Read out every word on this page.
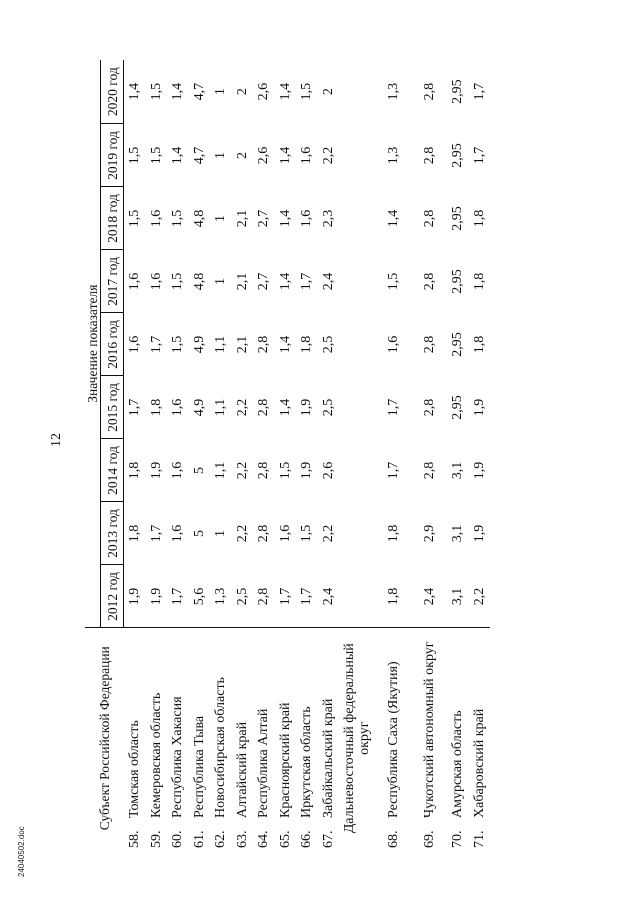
12
24040502.doc
Субъект Российской Федерации		Значение показателя								
		2012 год	2013 год	2014 год	2015 год	2016 год	2017 год	2018 год	2019 год	2020 год
58.	Томская область	1,9	1,8	1,8	1,7	1,6	1,6	1,5	1,5	1,4
59.	Кемеровская область	1,9	1,7	1,9	1,8	1,7	1,6	1,6	1,5	1,5
60.	Республика Хакасия	1,7	1,6	1,6	1,6	1,5	1,5	1,5	1,4	1,4
61.	Республика Тыва	5,6	5	5	4,9	4,9	4,8	4,8	4,7	4,7
62.	Новосибирская область	1,3	1	1,1	1,1	1,1	1	1	1	1
63.	Алтайский край	2,5	2,2	2,2	2,2	2,1	2,1	2,1	2	2
64.	Республика Алтай	2,8	2,8	2,8	2,8	2,8	2,7	2,7	2,6	2,6
65.	Красноярский край	1,7	1,6	1,5	1,4	1,4	1,4	1,4	1,4	1,4
66.	Иркутская область	1,7	1,5	1,9	1,9	1,8	1,7	1,6	1,6	1,5
67.	Забайкальский край	2,4	2,2	2,6	2,5	2,5	2,4	2,3	2,2	2

Дальневосточный федеральный округ										

68.	Республика Саха (Якутия)	1,8	1,8	1,7	1,7	1,6	1,5	1,4	1,3	1,3
69.	Чукотский автономный округ	2,4	2,9	2,8	2,8	2,8	2,8	2,8	2,8	2,8
70.	Амурская область	3,1	3,1	3,1	2,95	2,95	2,95	2,95	2,95	2,95
71.	Хабаровский край	2,2	1,9	1,9	1,9	1,8	1,8	1,8	1,7	1,7
